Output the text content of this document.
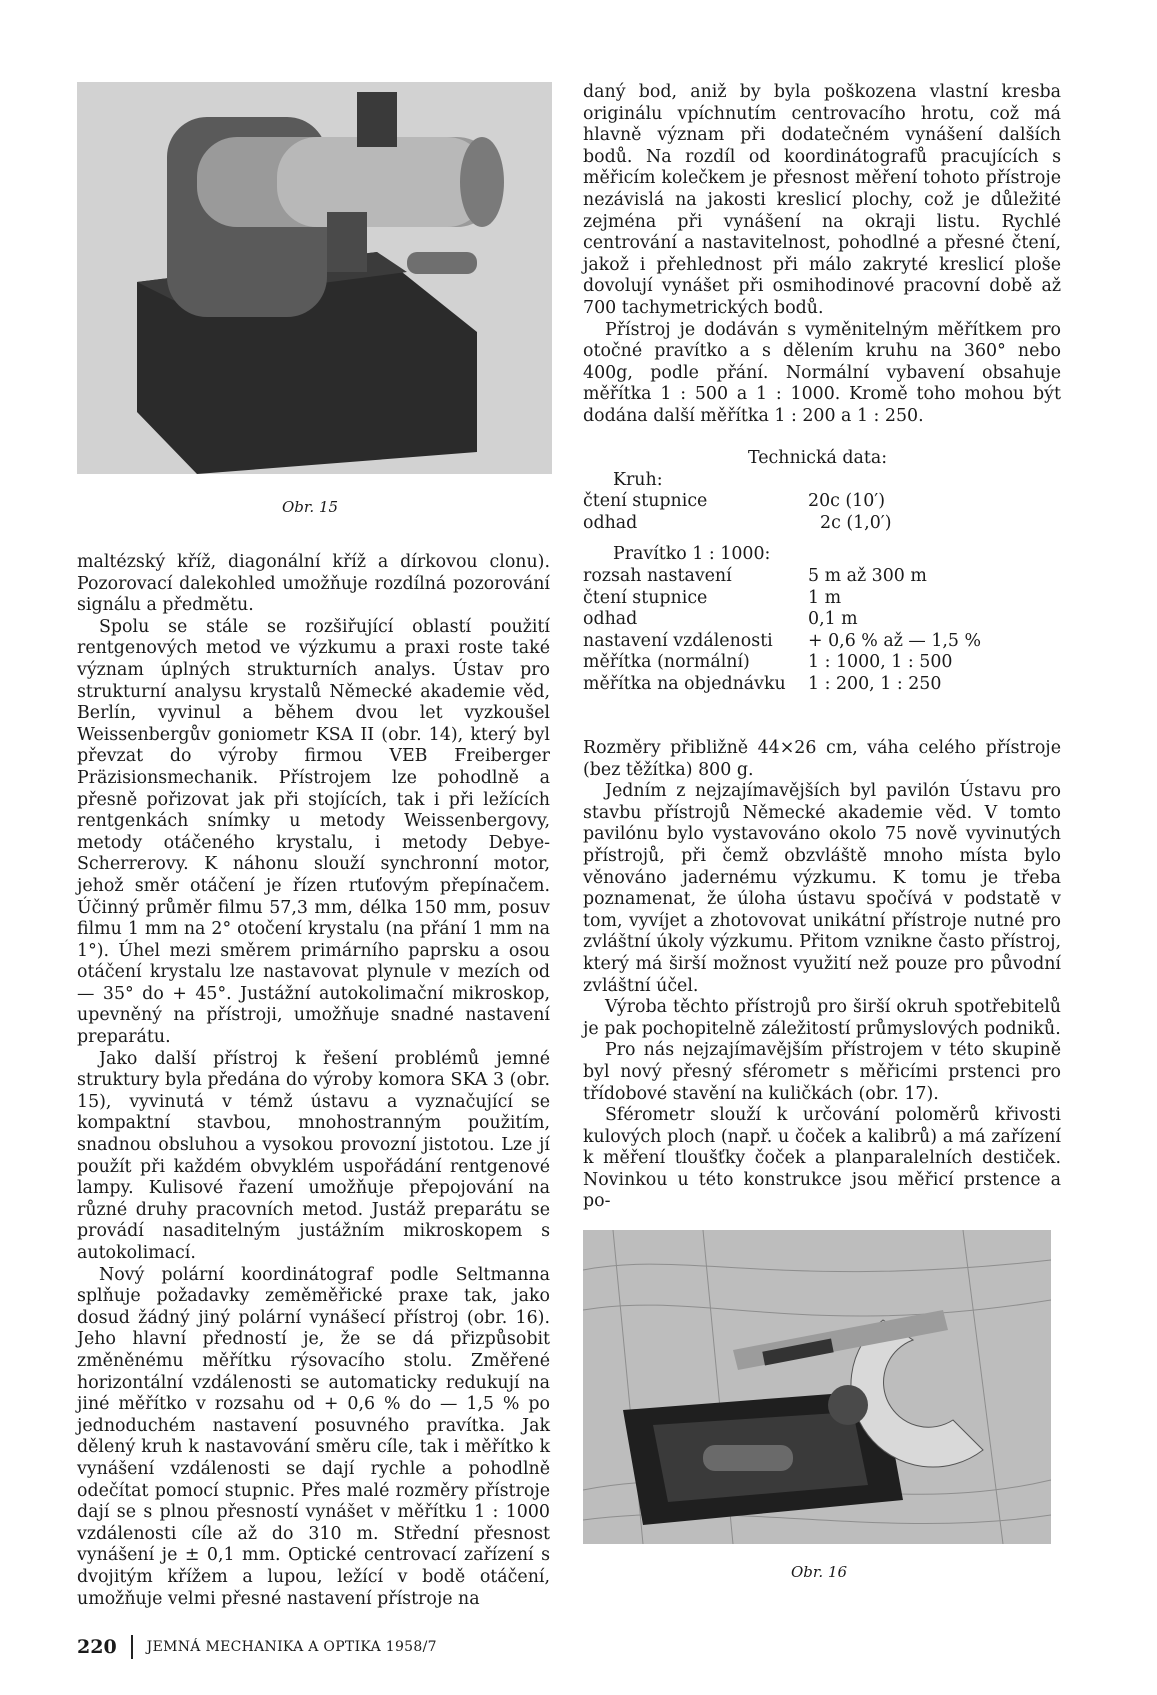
Obr. 15

maltézský kříž, diagonální kříž a dírkovou clonu). Pozorovací dalekohled umožňuje rozdílná pozorování signálu a předmětu.

Spolu se stále se rozšiřující oblastí použití rentgenových metod ve výzkumu a praxi roste také význam úplných strukturních analys. Ústav pro strukturní analysu krystalů Německé akademie věd, Berlín, vyvinul a během dvou let vyzkoušel Weissenbergův goniometr KSA II (obr. 14), který byl převzat do výroby firmou VEB Freiberger Präzisionsmechanik. Přístrojem lze pohodlně a přesně pořizovat jak při stojících, tak i při ležících rentgenkách snímky u metody Weissenbergovy, metody otáčeného krystalu, i metody Debye-Scherrerovy. K náhonu slouží synchronní motor, jehož směr otáčení je řízen rtuťovým přepínačem. Účinný průměr filmu 57,3 mm, délka 150 mm, posuv filmu 1 mm na 2° otočení krystalu (na přání 1 mm na 1°). Úhel mezi směrem primárního paprsku a osou otáčení krystalu lze nastavovat plynule v mezích od — 35° do + 45°. Justážní autokolimační mikroskop, upevněný na přístroji, umožňuje snadné nastavení preparátu.

Jako další přístroj k řešení problémů jemné struktury byla předána do výroby komora SKA 3 (obr. 15), vyvinutá v témž ústavu a vyznačující se kompaktní stavbou, mnohostranným použitím, snadnou obsluhou a vysokou provozní jistotou. Lze jí použít při každém obvyklém uspořádání rentgenové lampy. Kulisové řazení umožňuje přepojování na různé druhy pracovních metod. Justáž preparátu se provádí nasaditelným justážním mikroskopem s autokolimací.

Nový polární koordinátograf podle Seltmanna splňuje požadavky zeměměřické praxe tak, jako dosud žádný jiný polární vynášecí přístroj (obr. 16). Jeho hlavní předností je, že se dá přizpůsobit změněnému měřítku rýsovacího stolu. Změřené horizontální vzdálenosti se automaticky redukují na jiné měřítko v rozsahu od + 0,6 % do — 1,5 % po jednoduchém nastavení posuvného pravítka. Jak dělený kruh k nastavování směru cíle, tak i měřítko k vynášení vzdálenosti se dají rychle a pohodlně odečítat pomocí stupnic. Přes malé rozměry přístroje dají se s plnou přesností vynášet v měřítku 1 : 1000 vzdálenosti cíle až do 310 m. Střední přesnost vynášení je ± 0,1 mm. Optické centrovací zařízení s dvojitým křížem a lupou, ležící v bodě otáčení, umožňuje velmi přesné nastavení přístroje na

daný bod, aniž by byla poškozena vlastní kresba originálu vpíchnutím centrovacího hrotu, což má hlavně význam při dodatečném vynášení dalších bodů. Na rozdíl od koordinátografů pracujících s měřicím kolečkem je přesnost měření tohoto přístroje nezávislá na jakosti kreslicí plochy, což je důležité zejména při vynášení na okraji listu. Rychlé centrování a nastavitelnost, pohodlné a přesné čtení, jakož i přehlednost při málo zakryté kreslicí ploše dovolují vynášet při osmihodinové pracovní době až 700 tachymetrických bodů.

Přístroj je dodáván s vyměnitelným měřítkem pro otočné pravítko a s dělením kruhu na 360° nebo 400g, podle přání. Normální vybavení obsahuje měřítka 1 : 500 a 1 : 1000. Kromě toho mohou být dodána další měřítka 1 : 200 a 1 : 250.

Technická data:
Kruh:
čtení stupnice	20c (10′)
odhad	2c (1,0′)
Pravítko 1 : 1000:
rozsah nastavení	5 m až 300 m
čtení stupnice	1 m
odhad	0,1 m
nastavení vzdálenosti	+ 0,6 % až — 1,5 %
měřítka (normální)	1 : 1000, 1 : 500
měřítka na objednávku	1 : 200, 1 : 250

Rozměry přibližně 44×26 cm, váha celého přístroje (bez těžítka) 800 g.

Jedním z nejzajímavějších byl pavilón Ústavu pro stavbu přístrojů Německé akademie věd. V tomto pavilónu bylo vystavováno okolo 75 nově vyvinutých přístrojů, při čemž obzvláště mnoho místa bylo věnováno jadernému výzkumu. K tomu je třeba poznamenat, že úloha ústavu spočívá v podstatě v tom, vyvíjet a zhotovovat unikátní přístroje nutné pro zvláštní úkoly výzkumu. Přitom vznikne často přístroj, který má širší možnost využití než pouze pro původní zvláštní účel.

Výroba těchto přístrojů pro širší okruh spotřebitelů je pak pochopitelně záležitostí průmyslových podniků.

Pro nás nejzajímavějším přístrojem v této skupině byl nový přesný sférometr s měřicími prstenci pro třídobové stavění na kuličkách (obr. 17).

Sférometr slouží k určování poloměrů křivosti kulových ploch (např. u čoček a kalibrů) a má zařízení k měření tloušťky čoček a planparalelních destiček. Novinkou u této konstrukce jsou měřicí prstence a po-

Obr. 16
220 JEMNÁ MECHANIKA A OPTIKA 1958/7
